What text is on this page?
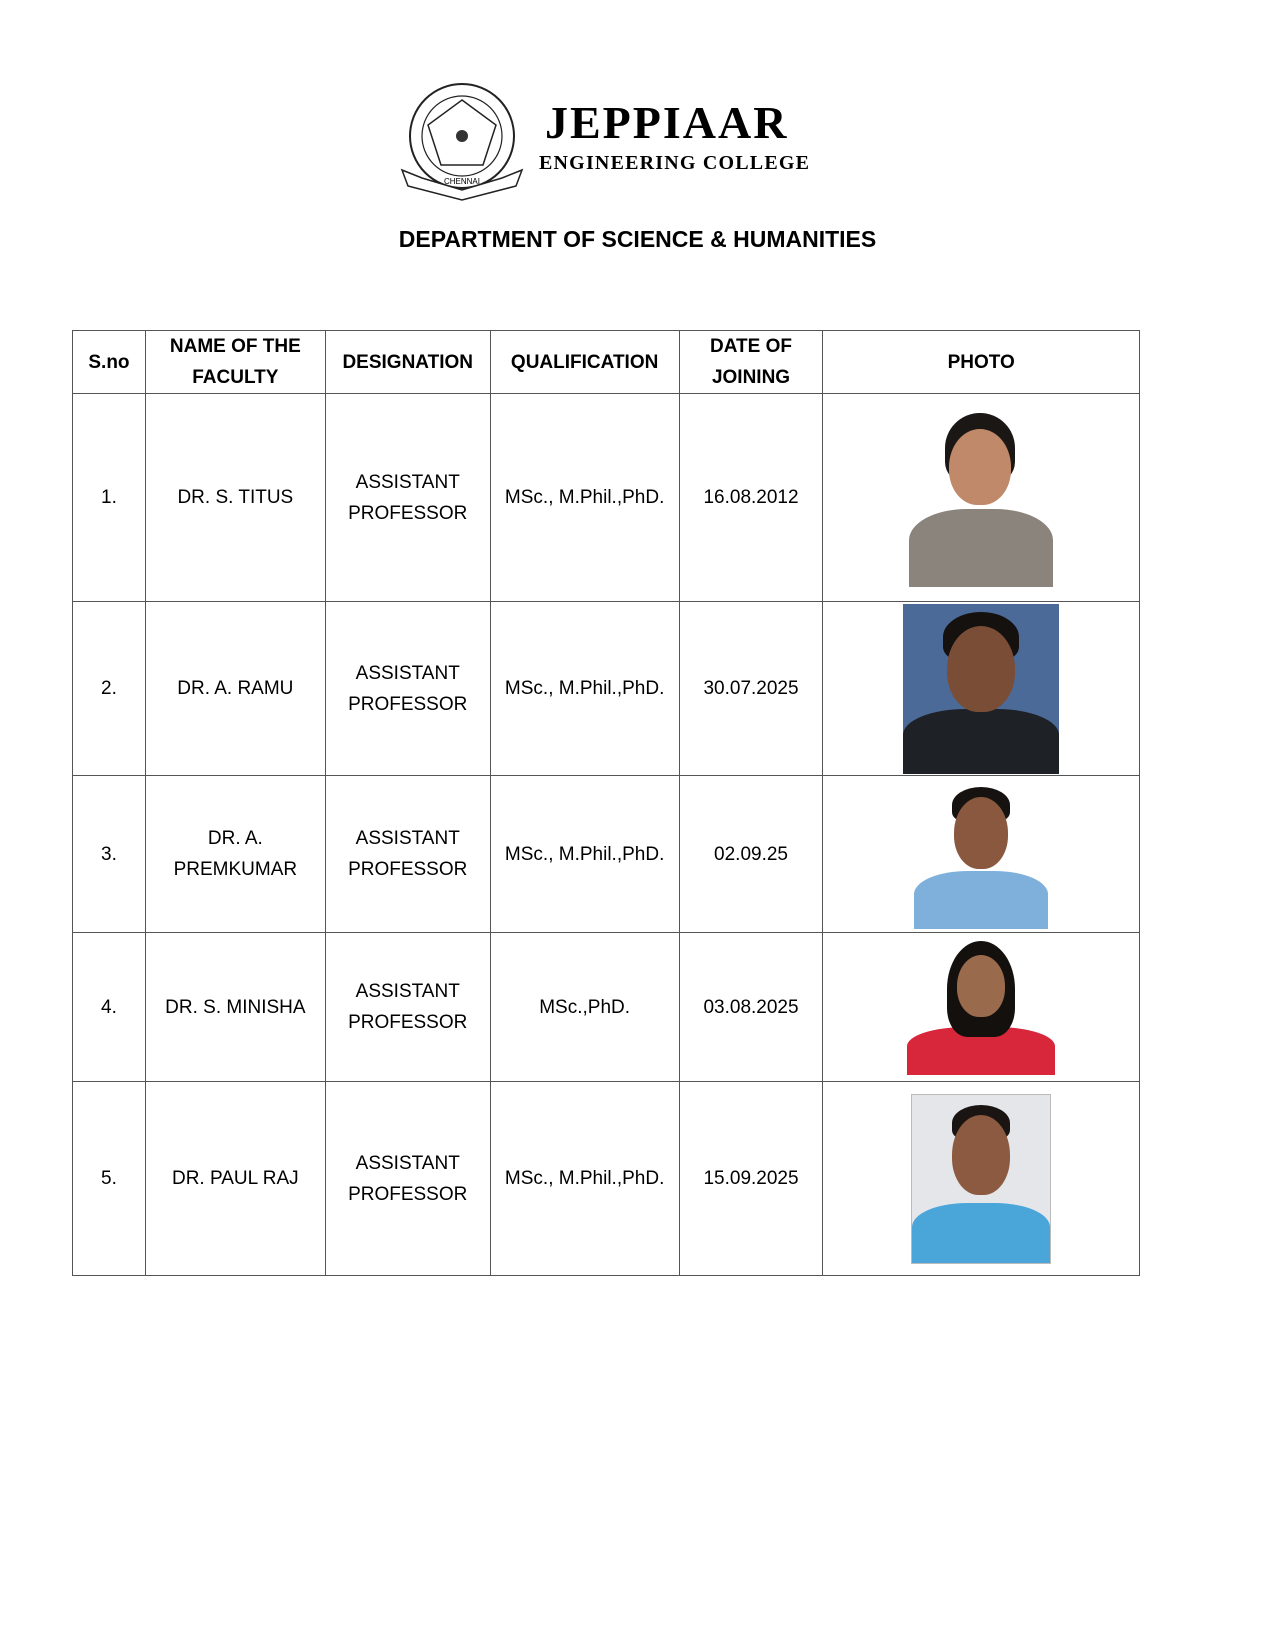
CHENNAI
JEPPIAAR
ENGINEERING COLLEGE
DEPARTMENT OF SCIENCE & HUMANITIES
S.no	NAME OF THE FACULTY	DESIGNATION	QUALIFICATION	DATE OF JOINING	PHOTO
1.	DR. S. TITUS	ASSISTANT PROFESSOR	MSc., M.Phil.,PhD.	16.08.2012	

2.	DR. A. RAMU	ASSISTANT PROFESSOR	MSc., M.Phil.,PhD.	30.07.2025	

3.	DR. A. PREMKUMAR	ASSISTANT PROFESSOR	MSc., M.Phil.,PhD.	02.09.25	

4.	DR. S. MINISHA	ASSISTANT PROFESSOR	MSc.,PhD.	03.08.2025	

5.	DR. PAUL RAJ	ASSISTANT PROFESSOR	MSc., M.Phil.,PhD.	15.09.2025	
